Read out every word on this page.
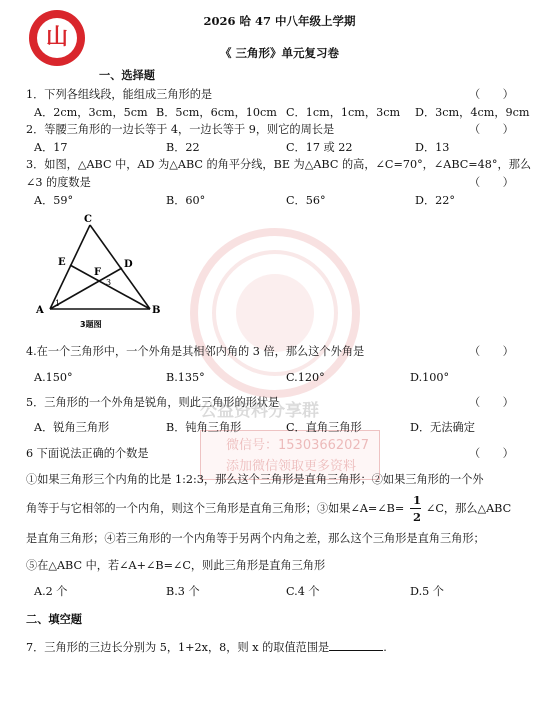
山
公益资料分享群
微信号：15303662027
添加微信领取更多资料
2026 哈 47 中八年级上学期
《 三角形》单元复习卷
一、选择题
1．下列各组线段，能组成三角形的是	（　　）
A．2cm，3cm，5cm B．5cm，6cm，10cm C．1cm，1cm，3cm D．3cm，4cm，9cm
2．等腰三角形的一边长等于 4，一边长等于 9，则它的周长是	（　　）
A．17	B．22	C．17 或 22	D．13
3．如图，△ABC 中，AD 为△ABC 的角平分线，BE 为△ABC 的高，∠C=70°，∠ABC=48°，那么
∠3 的度数是	（　　）
A．59°	B．60°	C．56°	D．22°
C
E	D
F
3
1
A	B
3题图
4.在一个三角形中，一个外角是其相邻内角的 3 倍，那么这个外角是	（　　）
A.150°	B.135°	C.120°	D.100°
5．三角形的一个外角是锐角，则此三角形的形状是	（　　）
A．锐角三角形	B．钝角三角形	C．直角三角形	D．无法确定
6 下面说法正确的个数是	（　　）
①如果三角形三个内角的比是 1:2:3，那么这个三角形是直角三角形；②如果三角形的一个外
角等于与它相邻的一个内角，则这个三角形是直角三角形；③如果∠A=∠B=
1
2
∠C，那么△ABC
是直角三角形；④若三角形的一个内角等于另两个内角之差，那么这个三角形是直角三角形；
⑤在△ABC 中，若∠A+∠B=∠C，则此三角形是直角三角形
A.2 个	B.3 个	C.4 个	D.5 个
二、填空题
7．三角形的三边长分别为 5，1+2x，8，则 x 的取值范围是	.
